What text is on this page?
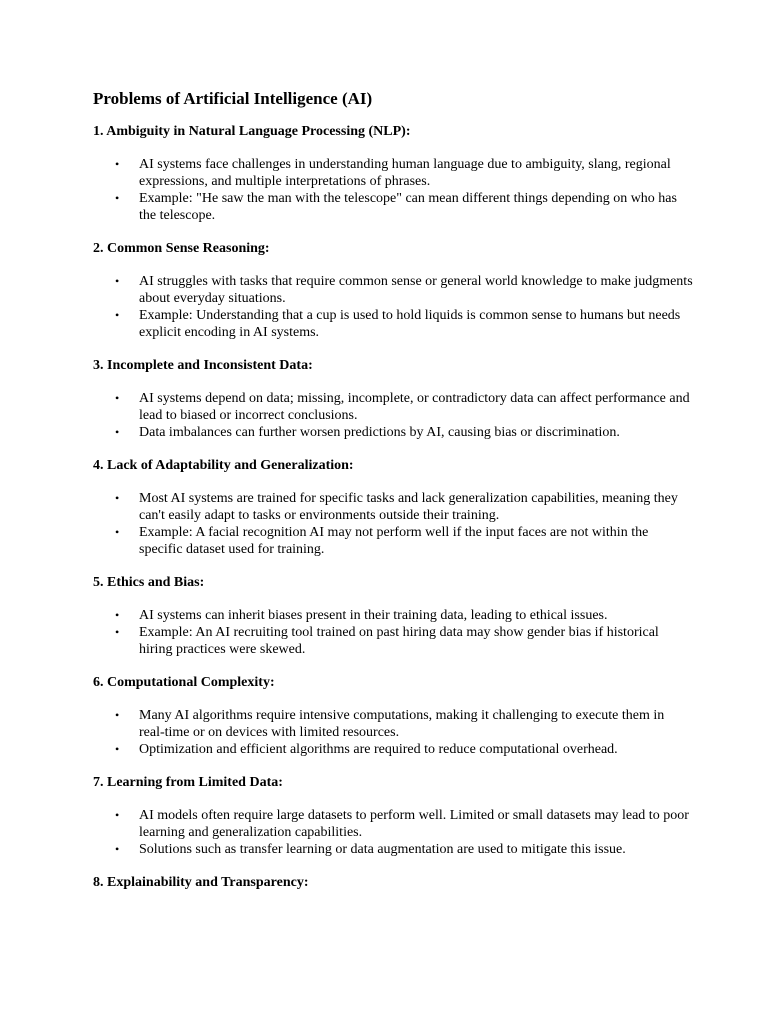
Problems of Artificial Intelligence (AI)
1. Ambiguity in Natural Language Processing (NLP):
• AI systems face challenges in understanding human language due to ambiguity, slang, regional expressions, and multiple interpretations of phrases.
• Example: "He saw the man with the telescope" can mean different things depending on who has the telescope.
2. Common Sense Reasoning:
• AI struggles with tasks that require common sense or general world knowledge to make judgments about everyday situations.
• Example: Understanding that a cup is used to hold liquids is common sense to humans but needs explicit encoding in AI systems.
3. Incomplete and Inconsistent Data:
• AI systems depend on data; missing, incomplete, or contradictory data can affect performance and lead to biased or incorrect conclusions.
• Data imbalances can further worsen predictions by AI, causing bias or discrimination.
4. Lack of Adaptability and Generalization:
• Most AI systems are trained for specific tasks and lack generalization capabilities, meaning they can't easily adapt to tasks or environments outside their training.
• Example: A facial recognition AI may not perform well if the input faces are not within the specific dataset used for training.
5. Ethics and Bias:
• AI systems can inherit biases present in their training data, leading to ethical issues.
• Example: An AI recruiting tool trained on past hiring data may show gender bias if historical hiring practices were skewed.
6. Computational Complexity:
• Many AI algorithms require intensive computations, making it challenging to execute them in real-time or on devices with limited resources.
• Optimization and efficient algorithms are required to reduce computational overhead.
7. Learning from Limited Data:
• AI models often require large datasets to perform well. Limited or small datasets may lead to poor learning and generalization capabilities.
• Solutions such as transfer learning or data augmentation are used to mitigate this issue.
8. Explainability and Transparency:
